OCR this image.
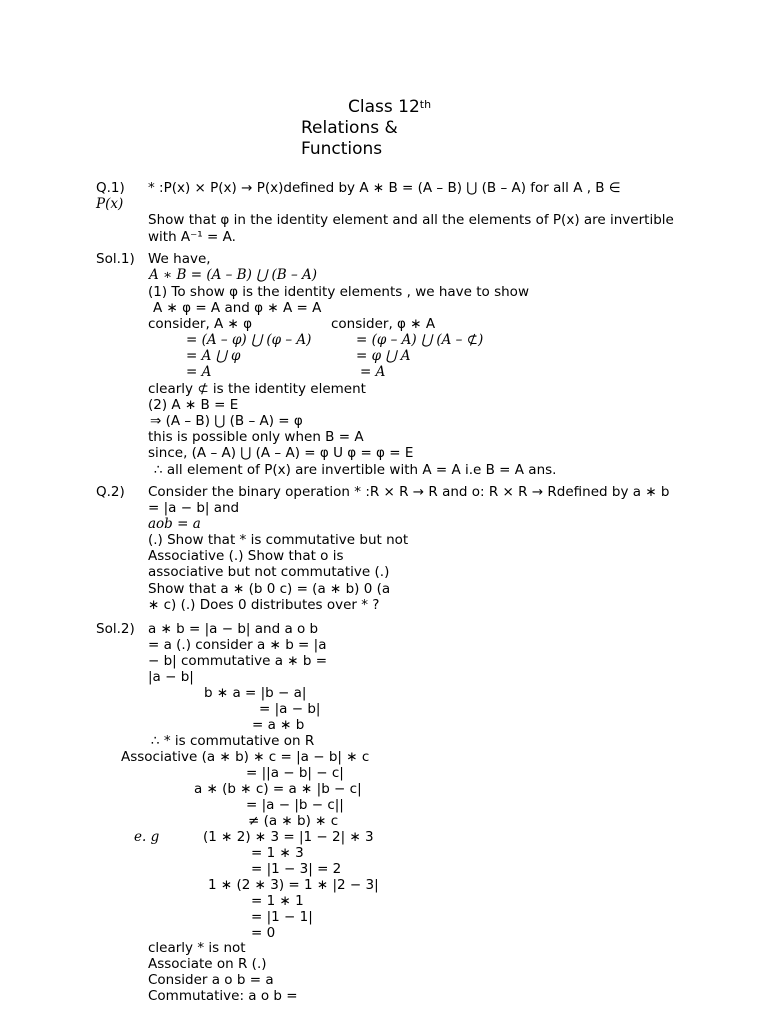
Class 12th
Relations &
Functions
Q.1) * :P(x) × P(x) → P(x)defined by A ∗ B = (A – B) ⋃ (B – A) for all A , B ∈
P(x)
Show that φ in the identity element and all the elements of P(x) are invertible
with A⁻¹ = A.
Sol.1) We have,
A ∗ B = (A – B) ⋃ (B – A)
(1) To show φ is the identity elements , we have to show
A ∗ φ = A and φ ∗ A = A
consider, A ∗ φ	consider, φ ∗ A
= (A – φ) ⋃ (φ – A)	= (φ – A) ⋃ (A – ⊄)
= A ⋃ φ	= φ ⋃ A
= A	= A
clearly ⊄ is the identity element
(2) A ∗ B = E
⇒ (A – B) ⋃ (B – A) = φ
this is possible only when B = A
since, (A – A) ⋃ (A – A) = φ U φ = φ = E
∴ all element of P(x) are invertible with A = A i.e B = A ans.
Q.2) Consider the binary operation * :R × R → R and o: R × R → Rdefined by a ∗ b
= |a − b| and
aob = a
(.) Show that * is commutative but not
Associative (.) Show that o is
associative but not commutative (.)
Show that a ∗ (b 0 c) = (a ∗ b) 0 (a
∗ c) (.) Does 0 distributes over * ?
Sol.2) a ∗ b = |a − b| and a o b
= a (.) consider a ∗ b = |a
− b| commutative a ∗ b =
|a − b|
b ∗ a = |b − a|
= |a − b|
= a ∗ b
∴ * is commutative on R
Associative (a ∗ b) ∗ c = |a − b| ∗ c
= ||a − b| − c|
a ∗ (b ∗ c) = a ∗ |b − c|
= |a − |b − c||
≠ (a ∗ b) ∗ c
e. g	(1 ∗ 2) ∗ 3 = |1 − 2| ∗ 3
= 1 ∗ 3
= |1 − 3| = 2
1 ∗ (2 ∗ 3) = 1 ∗ |2 − 3|
= 1 ∗ 1
= |1 − 1|
= 0
clearly * is not
Associate on R (.)
Consider a o b = a
Commutative: a o b =
